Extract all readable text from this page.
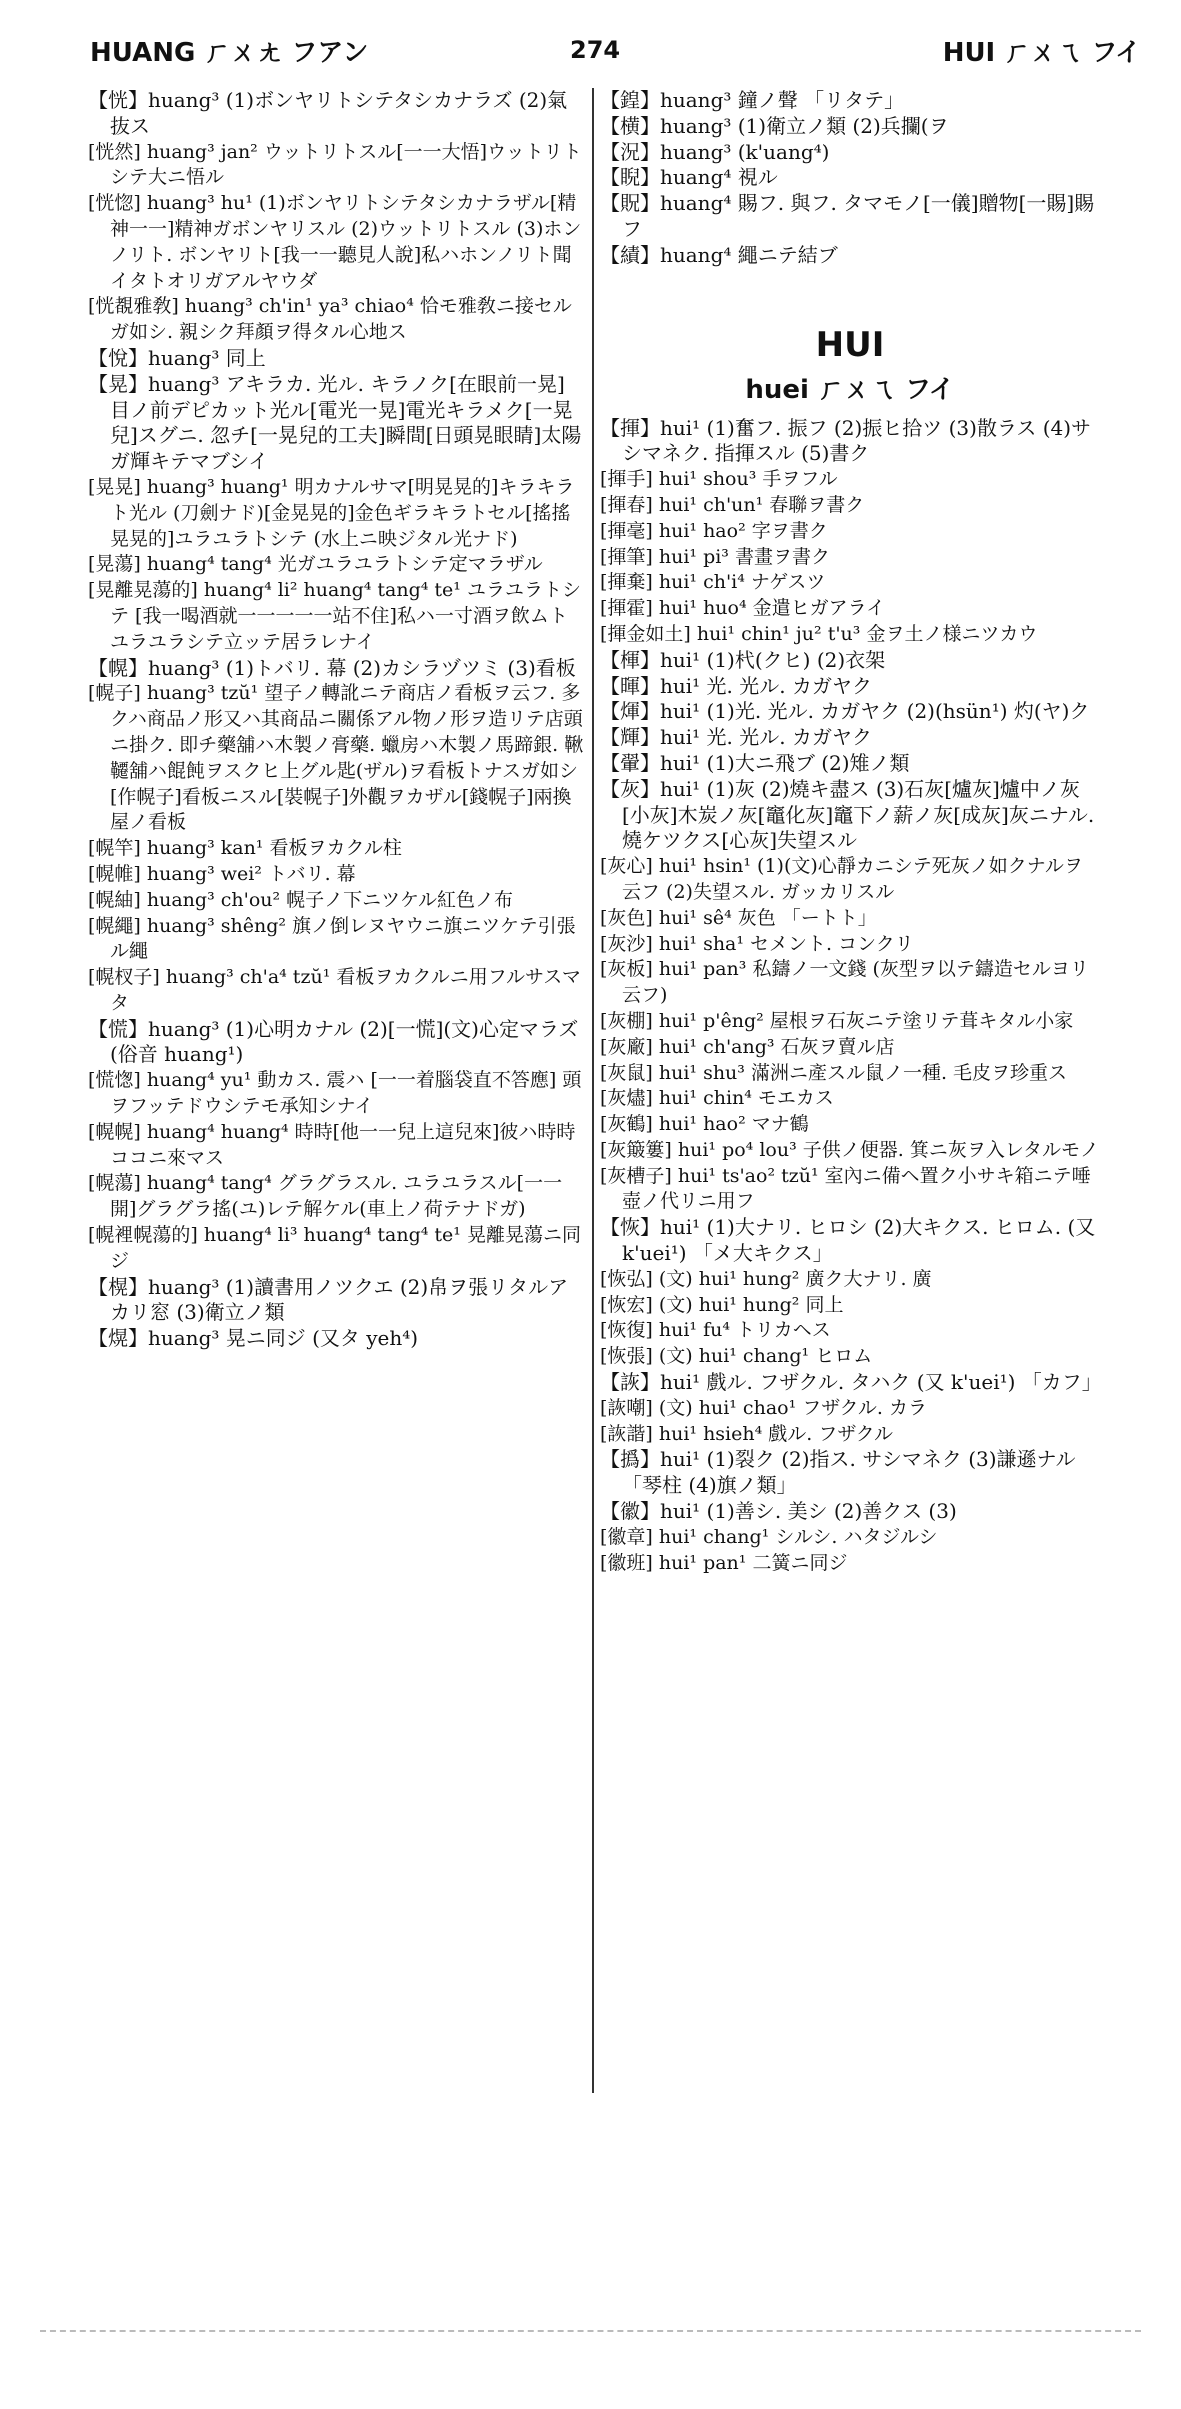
HUANG ㄏㄨㄤ フアン	274	HUI ㄏㄨㄟ フイ

【恍】huang³ (1)ボンヤリトシテタシカナラズ (2)氣抜ス

[恍然] huang³ jan² ウットリトスル[一一大悟]ウットリトシテ大ニ悟ル

[恍惚] huang³ hu¹ (1)ボンヤリトシテタシカナラザル[精神一一]精神ガボンヤリスル (2)ウットリトスル (3)ホンノリト. ボンヤリト[我一一聽見人說]私ハホンノリト聞イタトオリガアルヤウダ

[恍覩雅敎] huang³ ch'in¹ ya³ chiao⁴ 恰モ雅敎ニ接セルガ如シ. 親シク拜顏ヲ得タル心地ス

【悅】huang³ 同上

【晃】huang³ アキラカ. 光ル. キラノク[在眼前一晃]目ノ前デピカット光ル[電光一晃]電光キラメク[一晃兒]スグニ. 忽チ[一晃兒的工夫]瞬間[日頭晃眼睛]太陽ガ輝キテマブシイ

[晃晃] huang³ huang¹ 明カナルサマ[明晃晃的]キラキラト光ル (刀劍ナド)[金晃晃的]金色ギラキラトセル[搖搖晃晃的]ユラユラトシテ (水上ニ映ジタル光ナド)

[晃蕩] huang⁴ tang⁴ 光ガユラユラトシテ定マラザル

[晃離晃蕩的] huang⁴ li² huang⁴ tang⁴ te¹ ユラユラトシテ [我一喝酒就一一一一一站不住]私ハ一寸酒ヲ飲ムトユラユラシテ立ッテ居ラレナイ

【幌】huang³ (1)トバリ. 幕 (2)カシラヅツミ (3)看板

[幌子] huang³ tzŭ¹ 望子ノ轉訛ニテ商店ノ看板ヲ云フ. 多クハ商品ノ形又ハ其商品ニ關係アル物ノ形ヲ造リテ店頭ニ掛ク. 即チ藥舖ハ木製ノ膏藥. 蠟房ハ木製ノ馬蹄銀. 鞦韆舖ハ餛飩ヲスクヒ上グル匙(ザル)ヲ看板トナスガ如シ[作幌子]看板ニスル[裝幌子]外觀ヲカザル[錢幌子]兩換屋ノ看板

[幌竿] huang³ kan¹ 看板ヲカクル柱

[幌帷] huang³ wei² トバリ. 幕

[幌紬] huang³ ch'ou² 幌子ノ下ニツケル紅色ノ布

[幌繩] huang³ shêng² 旗ノ倒レヌヤウニ旗ニツケテ引張ル繩

[幌杈子] huang³ ch'a⁴ tzŭ¹ 看板ヲカクルニ用フルサスマタ

【慌】huang³ (1)心明カナル (2)[一慌](文)心定マラズ (俗音 huang¹)

[慌愡] huang⁴ yu¹ 動カス. 震ハ [一一着腦袋直不答應] 頭ヲフッテドウシテモ承知シナイ

[幌幌] huang⁴ huang⁴ 時時[他一一兒上這兒來]彼ハ時時ココニ來マス

[幌蕩] huang⁴ tang⁴ グラグラスル. ユラユラスル[一一開]グラグラ搖(ユ)レテ解ケル(車上ノ荷テナドガ)

[幌裡幌蕩的] huang⁴ li³ huang⁴ tang⁴ te¹ 晃離晃蕩ニ同ジ

【榥】huang³ (1)讀書用ノツクエ (2)帛ヲ張リタルアカリ窓 (3)衛立ノ類

【熀】huang³ 晃ニ同ジ (又タ yeh⁴)

【鍠】huang³ 鐘ノ聲 「リタテ」

【横】huang³ (1)衛立ノ類 (2)兵攔(ヲ

【況】huang³ (k'uang⁴)

【睨】huang⁴ 視ル

【貺】huang⁴ 賜フ. 與フ. タマモノ[一儀]贈物[一賜]賜フ

【績】huang⁴ 繩ニテ結ブ

HUI
huei ㄏㄨㄟ フイ

【揮】hui¹ (1)奮フ. 振フ (2)振ヒ拾ツ (3)散ラス (4)サシマネク. 指揮スル (5)書ク

[揮手] hui¹ shou³ 手ヲフル

[揮春] hui¹ ch'un¹ 春聯ヲ書ク

[揮毫] hui¹ hao² 字ヲ書ク

[揮筆] hui¹ pi³ 書畫ヲ書ク

[揮棄] hui¹ ch'i⁴ ナゲスツ

[揮霍] hui¹ huo⁴ 金遣ヒガアライ

[揮金如土] hui¹ chin¹ ju² t'u³ 金ヲ土ノ様ニツカウ

【楎】hui¹ (1)杙(クヒ) (2)衣架

【暉】hui¹ 光. 光ル. カガヤク

【煇】hui¹ (1)光. 光ル. カガヤク (2)(hsün¹) 灼(ヤ)ク

【輝】hui¹ 光. 光ル. カガヤク

【翬】hui¹ (1)大ニ飛ブ (2)雉ノ類

【灰】hui¹ (1)灰 (2)燒キ盡ス (3)石灰[爐灰]爐中ノ灰[小灰]木炭ノ灰[竈化灰]竈下ノ薪ノ灰[成灰]灰ニナル. 燒ケツクス[心灰]失望スル

[灰心] hui¹ hsin¹ (1)(文)心靜カニシテ死灰ノ如クナルヲ云フ (2)失望スル. ガッカリスル

[灰色] hui¹ sê⁴ 灰色 「ートト」

[灰沙] hui¹ sha¹ セメント. コンクリ

[灰板] hui¹ pan³ 私鑄ノ一文錢 (灰型ヲ以テ鑄造セルヨリ云フ)

[灰棚] hui¹ p'êng² 屋根ヲ石灰ニテ塗リテ葺キタル小家

[灰廠] hui¹ ch'ang³ 石灰ヲ賣ル店

[灰鼠] hui¹ shu³ 滿洲ニ產スル鼠ノ一種. 毛皮ヲ珍重ス

[灰燼] hui¹ chin⁴ モエカス

[灰鶴] hui¹ hao² マナ鶴

[灰簸簍] hui¹ po⁴ lou³ 子供ノ便器. 箕ニ灰ヲ入レタルモノ

[灰槽子] hui¹ ts'ao² tzŭ¹ 室內ニ備ヘ置ク小サキ箱ニテ唾壺ノ代リニ用フ

【恢】hui¹ (1)大ナリ. ヒロシ (2)大キクス. ヒロム. (又 k'uei¹) 「メ大キクス」

[恢弘] (文) hui¹ hung² 廣ク大ナリ. 廣

[恢宏] (文) hui¹ hung² 同上

[恢復] hui¹ fu⁴ トリカヘス

[恢張] (文) hui¹ chang¹ ヒロム

【詼】hui¹ 戲ル. フザクル. タハク (又 k'uei¹) 「カフ」

[詼嘲] (文) hui¹ chao¹ フザクル. カラ

[詼諧] hui¹ hsieh⁴ 戲ル. フザクル

【撝】hui¹ (1)裂ク (2)指ス. サシマネク (3)謙遜ナル 「琴柱 (4)旗ノ類」

【徽】hui¹ (1)善シ. 美シ (2)善クス (3)

[徽章] hui¹ chang¹ シルシ. ハタジルシ

[徽班] hui¹ pan¹ 二簧ニ同ジ
